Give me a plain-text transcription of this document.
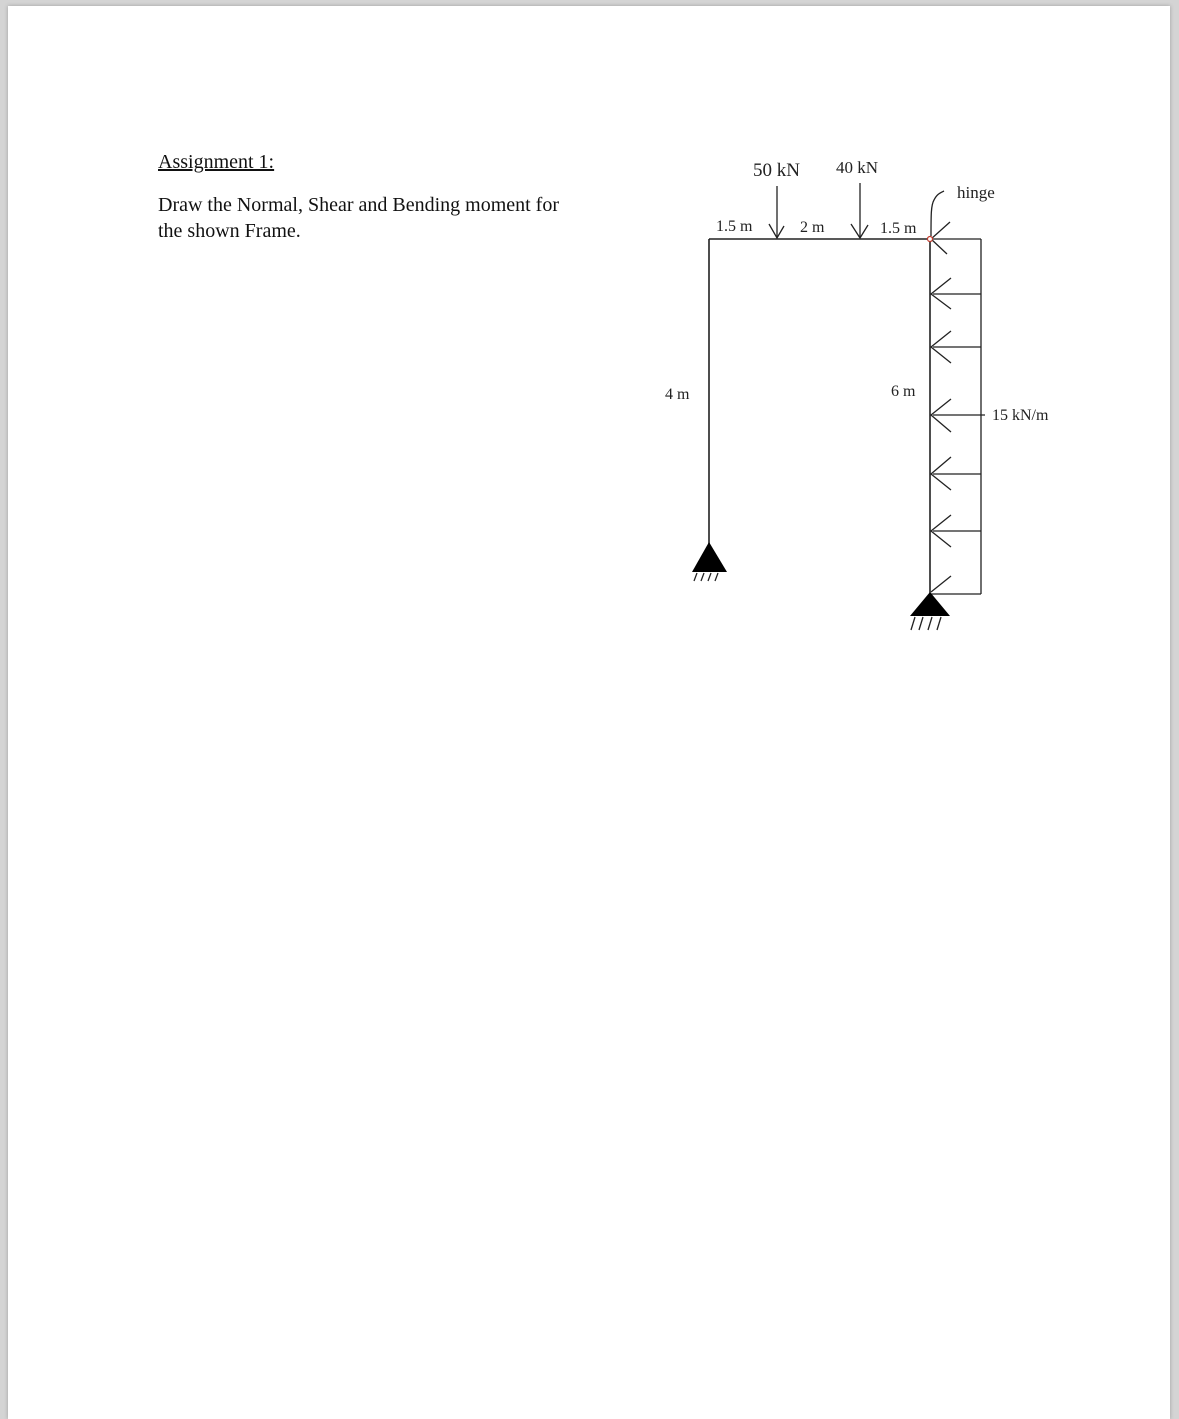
Assignment 1:

Draw the Normal, Shear and Bending moment for
the shown Frame.

50 kN 40 kN
hinge
1.5 m	2 m	1.5 m
4 m	6 m
15 kN/m
